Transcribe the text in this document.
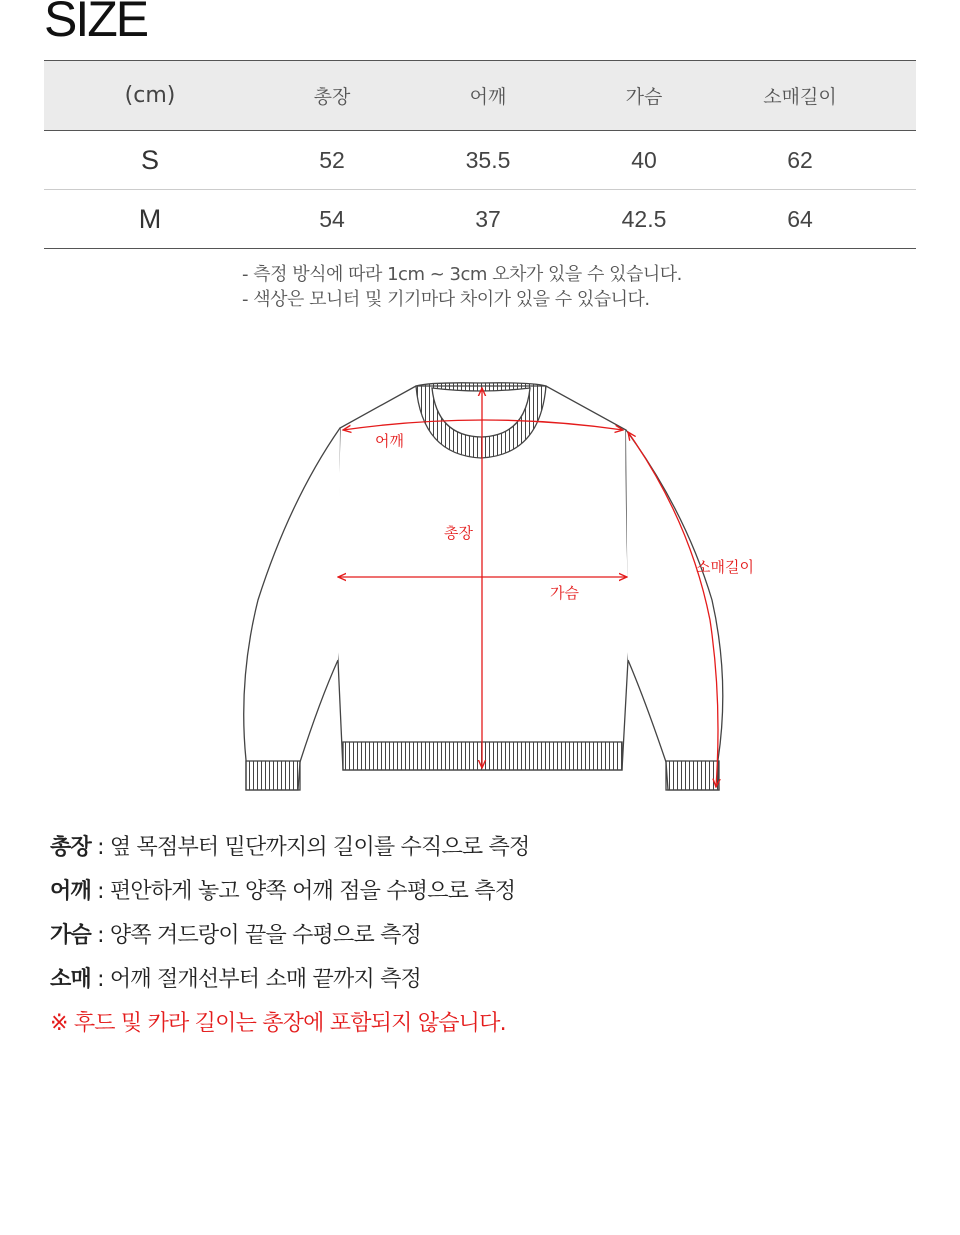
SIZE
(cm)	총장	어깨	가슴	소매길이	
S	52	35.5	40	62	
M	54	37	42.5	64	
- 측정 방식에 따라 1cm ~ 3cm 오차가 있을 수 있습니다.
- 색상은 모니터 및 기기마다 차이가 있을 수 있습니다.
어깨
총장
가슴
소매길이
총장 : 옆 목점부터 밑단까지의 길이를 수직으로 측정
어깨 : 편안하게 놓고 양쪽 어깨 점을 수평으로 측정
가슴 : 양쪽 겨드랑이 끝을 수평으로 측정
소매 : 어깨 절개선부터 소매 끝까지 측정
※ 후드 및 카라 길이는 총장에 포함되지 않습니다.
